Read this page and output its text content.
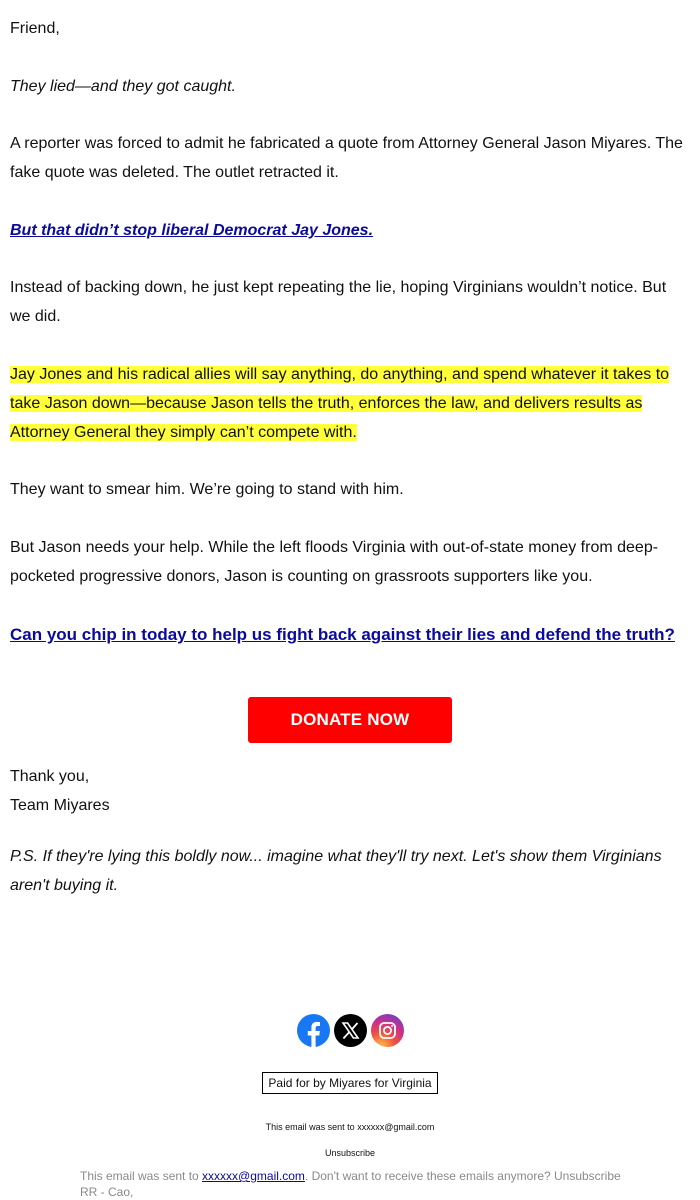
Friend,

They lied—and they got caught.

A reporter was forced to admit he fabricated a quote from Attorney General Jason Miyares. The fake quote was deleted. The outlet retracted it.

But that didn’t stop liberal Democrat Jay Jones.

Instead of backing down, he just kept repeating the lie, hoping Virginians wouldn’t notice. But we did.

Jay Jones and his radical allies will say anything, do anything, and spend whatever it takes to take Jason down—because Jason tells the truth, enforces the law, and delivers results as Attorney General they simply can’t compete with.

They want to smear him. We’re going to stand with him.

But Jason needs your help. While the left floods Virginia with out-of-state money from deep-pocketed progressive donors, Jason is counting on grassroots supporters like you.

Can you chip in today to help us fight back against their lies and defend the truth?

DONATE NOW

Thank you,

Team Miyares

P.S. If they're lying this boldly now... imagine what they'll try next. Let's show them Virginians aren't buying it.

Paid for by Miyares for Virginia
This email was sent to xxxxxx@gmail.com
Unsubscribe
This email was sent to xxxxxx@gmail.com. Don't want to receive these emails anymore? Unsubscribe
RR - Cao,
